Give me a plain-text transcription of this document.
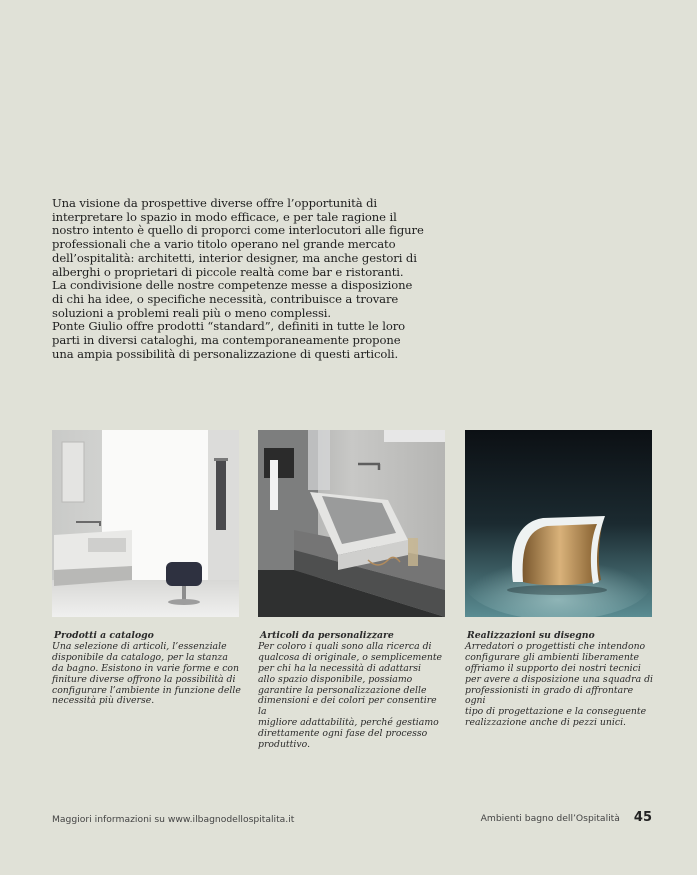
Una visione da prospettive diverse offre l’opportunità di

interpretare lo spazio in modo efficace, e per tale ragione il

nostro intento è quello di proporci come interlocutori alle figure

professionali che a vario titolo operano nel grande mercato

dell’ospitalità: architetti, interior designer, ma anche gestori di

alberghi o proprietari di piccole realtà come bar e ristoranti.

La condivisione delle nostre competenze messe a disposizione

di chi ha idee, o specifiche necessità, contribuisce a trovare

soluzioni a problemi reali più o meno complessi.

Ponte Giulio offre prodotti “standard”, definiti in tutte le loro

parti in diversi cataloghi, ma contemporaneamente propone

una ampia possibilità di personalizzazione di questi articoli.

Prodotti a catalogo
Una selezione di articoli, l’essenziale
disponibile da catalogo, per la stanza
da bagno. Esistono in varie forme e con
finiture diverse offrono la possibilità di
configurare l’ambiente in funzione delle
necessità più diverse.
Articoli da personalizzare
Per coloro i quali sono alla ricerca di
qualcosa di originale, o semplicemente
per chi ha la necessità di adattarsi
allo spazio disponibile, possiamo
garantire la personalizzazione delle
dimensioni e dei colori per consentire la
migliore adattabilità, perché gestiamo
direttamente ogni fase del processo
produttivo.
Realizzazioni su disegno
Arredatori o progettisti che intendono
configurare gli ambienti liberamente
offriamo il supporto dei nostri tecnici
per avere a disposizione una squadra di
professionisti in grado di affrontare ogni
tipo di progettazione e la conseguente
realizzazione anche di pezzi unici.
Maggiori informazioni su www.ilbagnodellospitalita.it	Ambienti bagno dell’Ospitalità 45
